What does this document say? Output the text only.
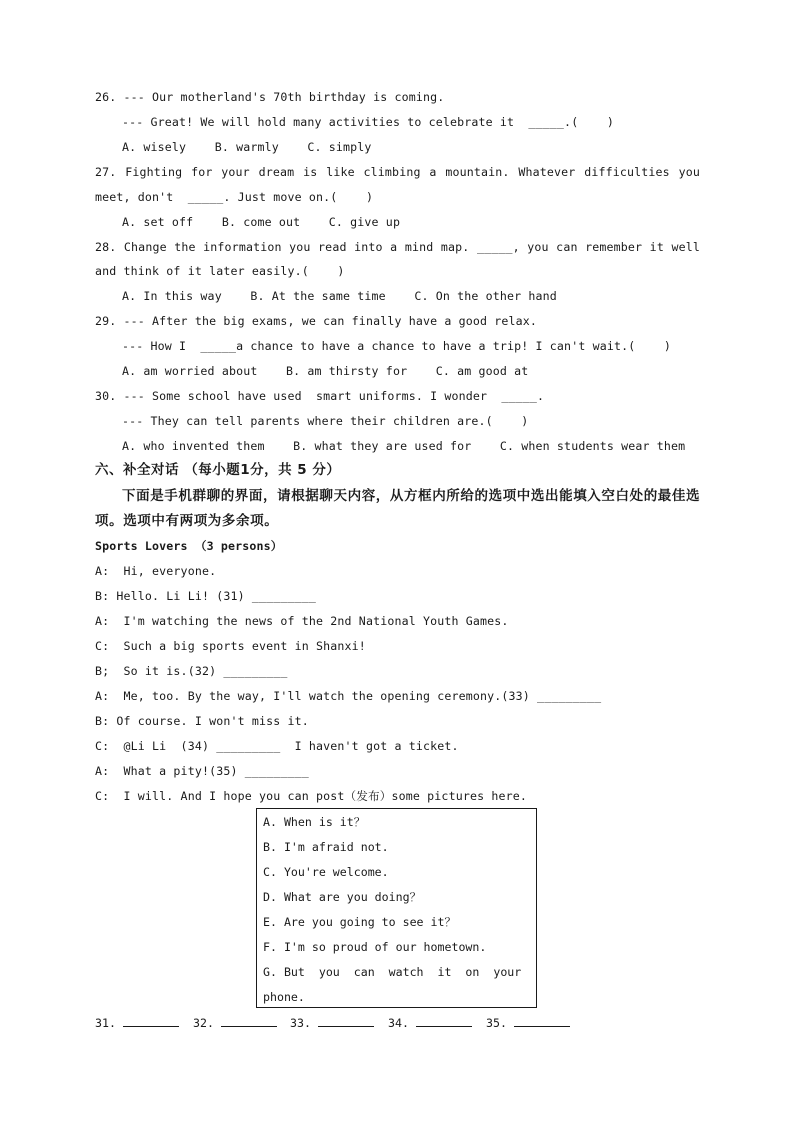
26. --- Our motherland's 70th birthday is coming.
--- Great! We will hold many activities to celebrate it  _____.(    )
A. wisely    B. warmly    C. simply
27. Fighting for your dream is like climbing a mountain. Whatever difficulties you
meet, don't  _____. Just move on.(    )
A. set off    B. come out    C. give up
28. Change the information you read into a mind map. _____, you can remember it well
and think of it later easily.(    )
A. In this way    B. At the same time    C. On the other hand
29. --- After the big exams, we can finally have a good relax.
--- How I  _____a chance to have a chance to have a trip! I can't wait.(    )
A. am worried about    B. am thirsty for    C. am good at
30. --- Some school have used  smart uniforms. I wonder  _____.
--- They can tell parents where their children are.(    )
A. who invented them    B. what they are used for    C. when students wear them
六、补全对话 （每小题1分，共 5 分）
下面是手机群聊的界面，请根据聊天内容，从方框内所给的选项中选出能填入空白处的最佳选
项。选项中有两项为多余项。
Sports Lovers （3 persons）
A:  Hi, everyone.
B: Hello. Li Li! (31) _________
A:  I'm watching the news of the 2nd National Youth Games.
C:  Such a big sports event in Shanxi!
B;  So it is.(32) _________
A:  Me, too. By the way, I'll watch the opening ceremony.(33) _________
B: Of course. I won't miss it.
C:  @Li Li  (34) _________  I haven't got a ticket.
A:  What a pity!(35) _________
C:  I will. And I hope you can post（发布）some pictures here.
A. When is it？
B. I'm afraid not.
C. You're welcome.
D. What are you doing？
E. Are you going to see it？
F. I'm so proud of our hometown.
G. But  you  can  watch  it  on  your
phone.
31.	32.	33.	34.	35.
